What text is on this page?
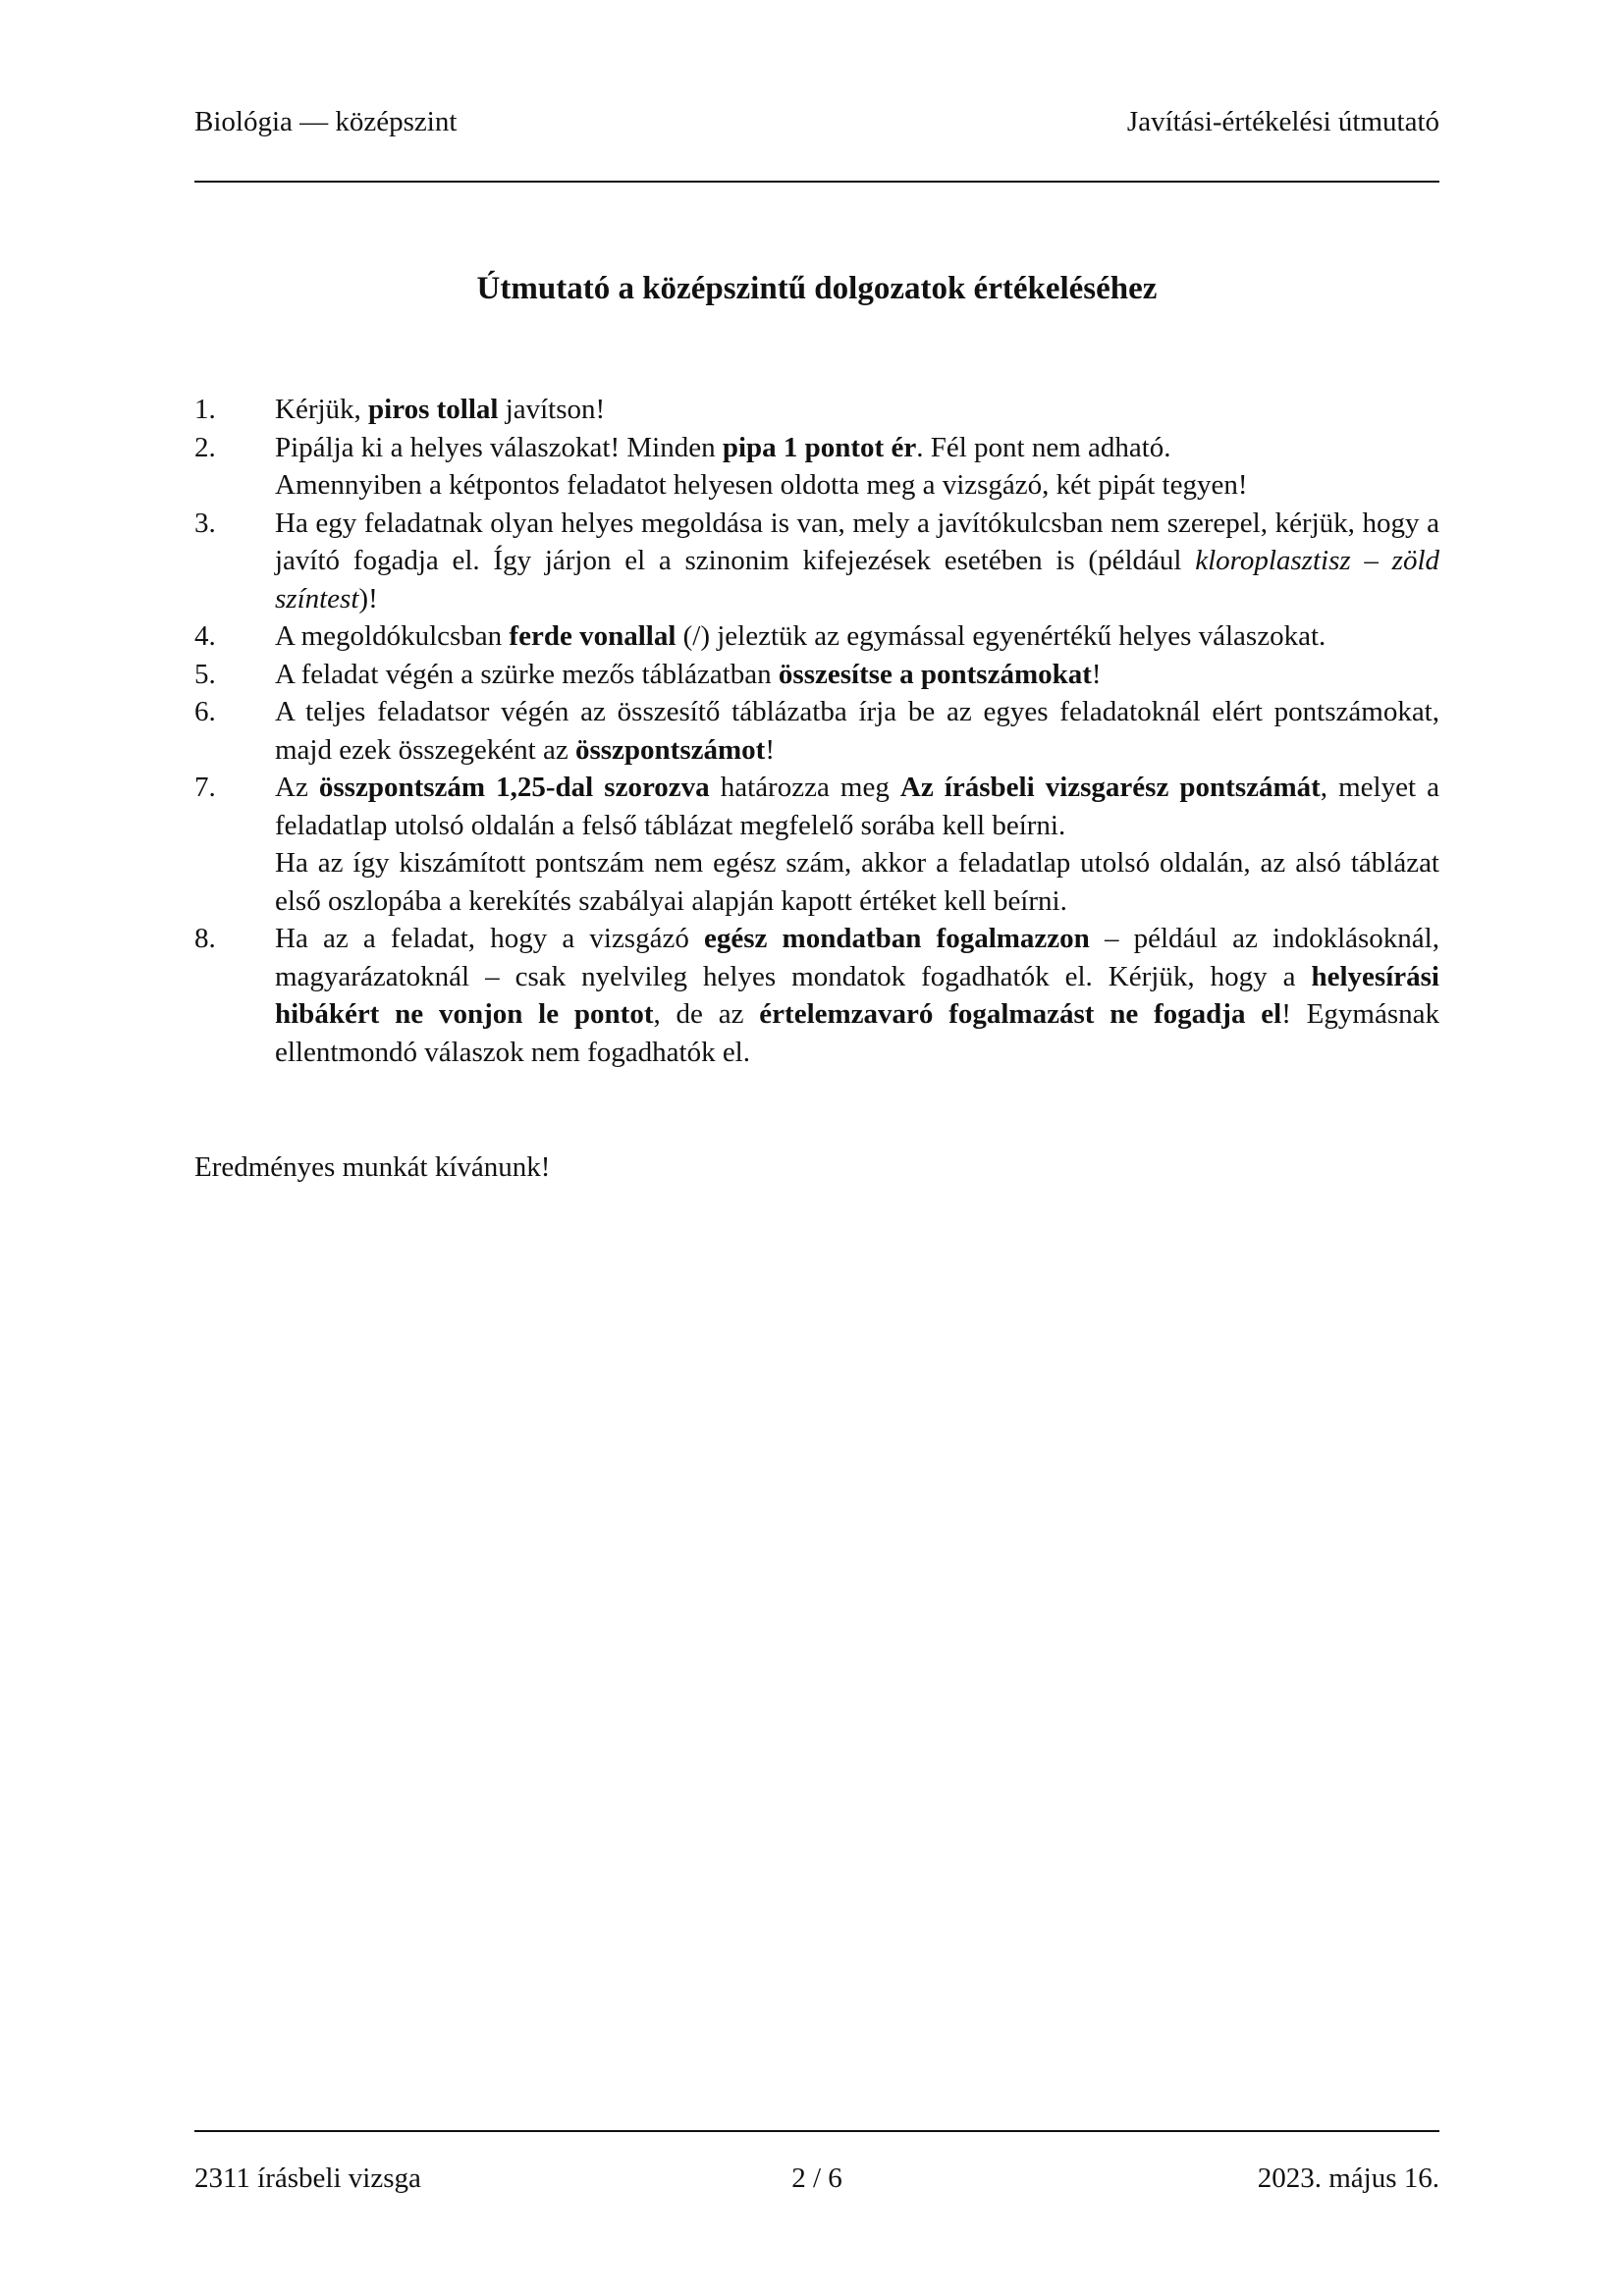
Biológia — középszint	Javítási-értékelési útmutató
Útmutató a középszintű dolgozatok értékeléséhez
1. Kérjük, piros tollal javítson!
2. Pipálja ki a helyes válaszokat! Minden pipa 1 pontot ér. Fél pont nem adható.
Amennyiben a kétpontos feladatot helyesen oldotta meg a vizsgázó, két pipát tegyen!
3. Ha egy feladatnak olyan helyes megoldása is van, mely a javítókulcsban nem szerepel, kérjük, hogy a javító fogadja el. Így járjon el a szinonim kifejezések esetében is (például kloroplasztisz – zöld színtest)!
4. A megoldókulcsban ferde vonallal (/) jeleztük az egymással egyenértékű helyes válaszokat.
5. A feladat végén a szürke mezős táblázatban összesítse a pontszámokat!
6. A teljes feladatsor végén az összesítő táblázatba írja be az egyes feladatoknál elért pontszámokat, majd ezek összegeként az összpontszámot!
7. Az összpontszám 1,25-dal szorozva határozza meg Az írásbeli vizsgarész pontszámát, melyet a feladatlap utolsó oldalán a felső táblázat megfelelő sorába kell beírni.
Ha az így kiszámított pontszám nem egész szám, akkor a feladatlap utolsó oldalán, az alsó táblázat első oszlopába a kerekítés szabályai alapján kapott értéket kell beírni.
8. Ha az a feladat, hogy a vizsgázó egész mondatban fogalmazzon – például az indoklásoknál, magyarázatoknál – csak nyelvileg helyes mondatok fogadhatók el. Kérjük, hogy a helyesírási hibákért ne vonjon le pontot, de az értelemzavaró fogalmazást ne fogadja el! Egymásnak ellentmondó válaszok nem fogadhatók el.
Eredményes munkát kívánunk!
2311 írásbeli vizsga	2 / 6	2023. május 16.
